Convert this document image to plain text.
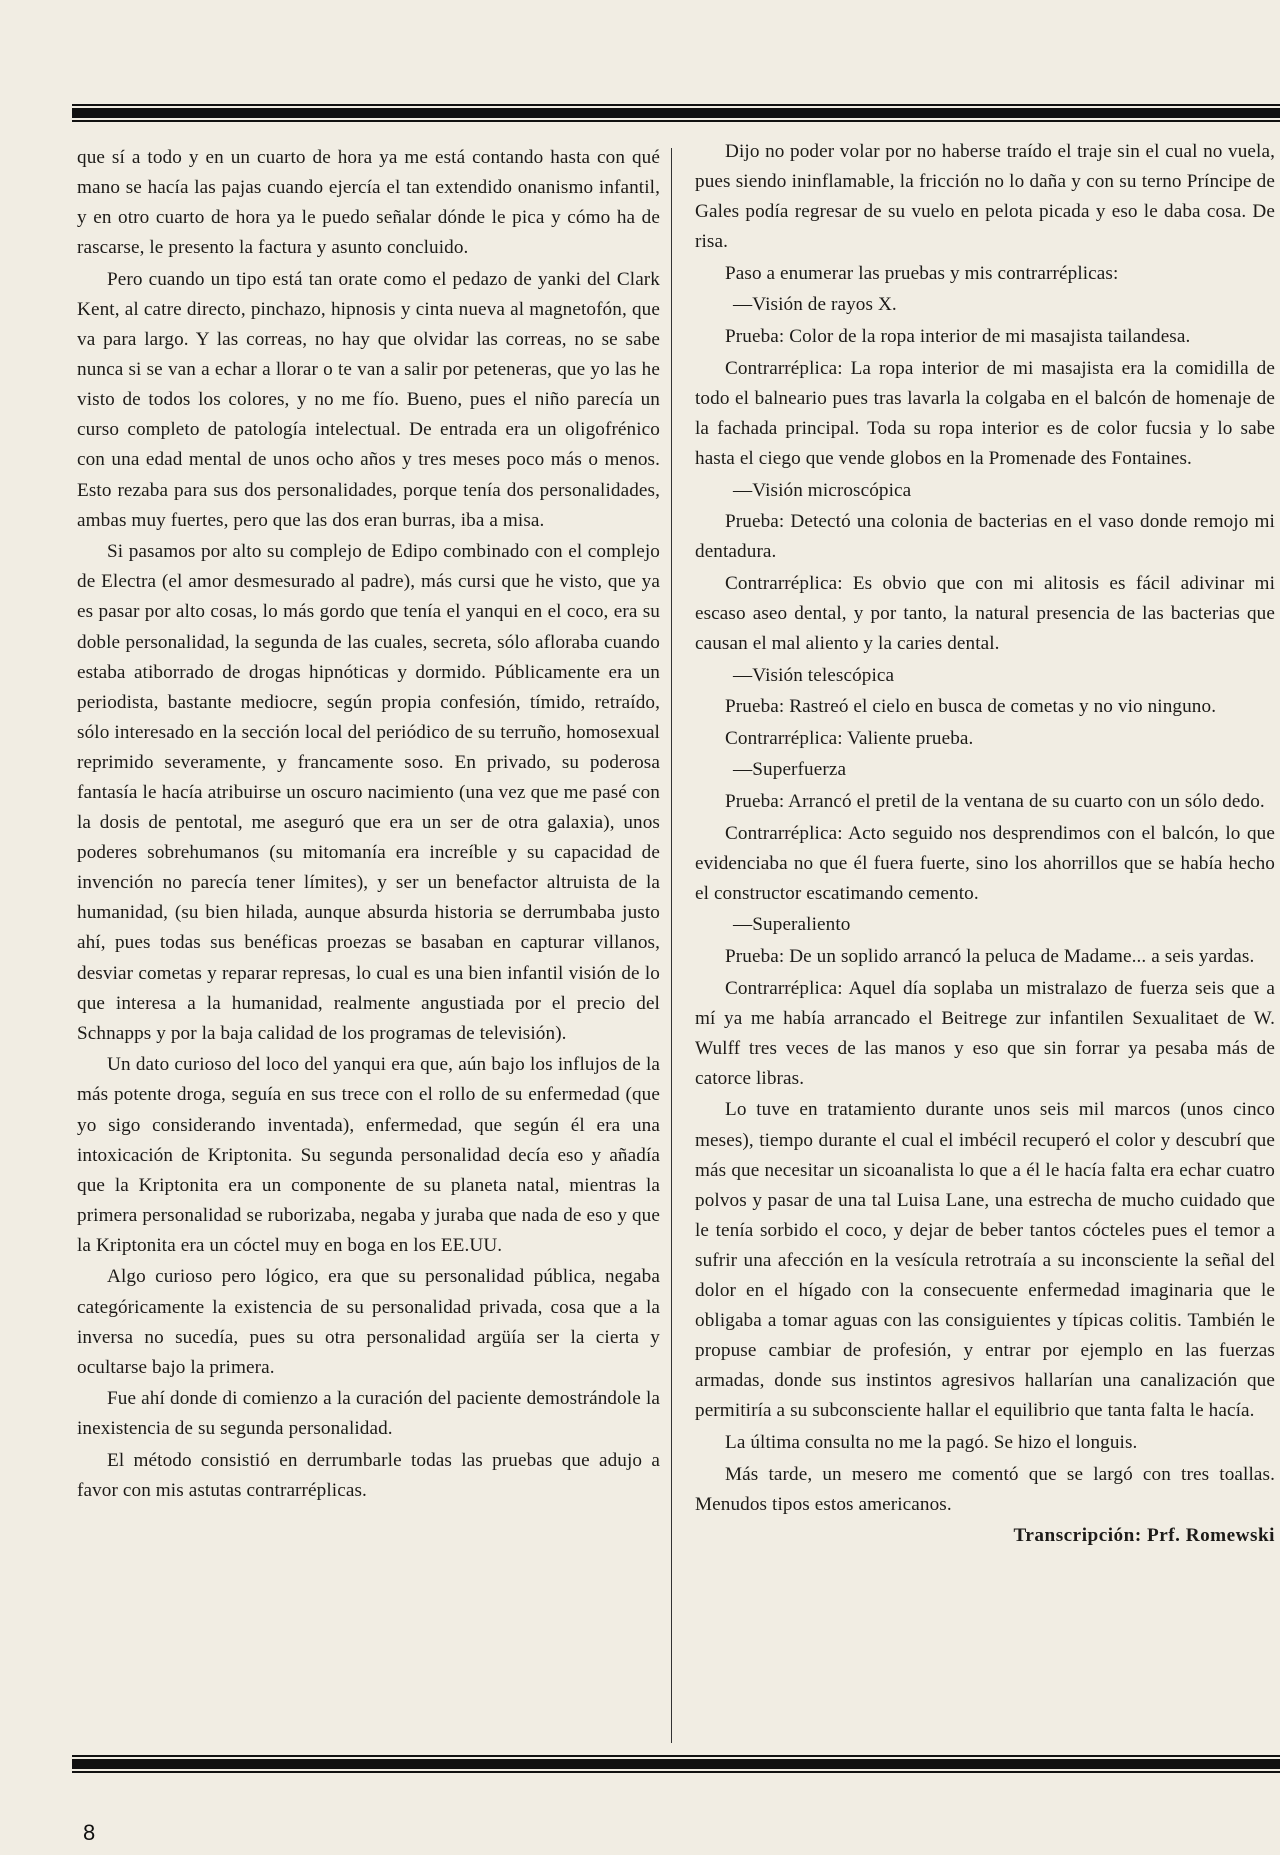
que sí a todo y en un cuarto de hora ya me está contando hasta con qué mano se hacía las pajas cuando ejercía el tan extendido onanismo infantil, y en otro cuarto de hora ya le puedo señalar dónde le pica y cómo ha de rascarse, le presento la factura y asunto concluido.

Pero cuando un tipo está tan orate como el pedazo de yanki del Clark Kent, al catre directo, pinchazo, hipnosis y cinta nueva al magnetofón, que va para largo. Y las correas, no hay que olvidar las correas, no se sabe nunca si se van a echar a llorar o te van a salir por peteneras, que yo las he visto de todos los colores, y no me fío. Bueno, pues el niño parecía un curso completo de patología intelectual. De entrada era un oligofrénico con una edad mental de unos ocho años y tres meses poco más o menos. Esto rezaba para sus dos personalidades, porque tenía dos personalidades, ambas muy fuertes, pero que las dos eran burras, iba a misa.

Si pasamos por alto su complejo de Edipo combinado con el complejo de Electra (el amor desmesurado al padre), más cursi que he visto, que ya es pasar por alto cosas, lo más gordo que tenía el yanqui en el coco, era su doble personalidad, la segunda de las cuales, secreta, sólo afloraba cuando estaba atiborrado de drogas hipnóticas y dormido. Públicamente era un periodista, bastante mediocre, según propia confesión, tímido, retraído, sólo interesado en la sección local del periódico de su terruño, homosexual reprimido severamente, y francamente soso. En privado, su poderosa fantasía le hacía atribuirse un oscuro nacimiento (una vez que me pasé con la dosis de pentotal, me aseguró que era un ser de otra galaxia), unos poderes sobrehumanos (su mitomanía era increíble y su capacidad de invención no parecía tener límites), y ser un benefactor altruista de la humanidad, (su bien hilada, aunque absurda historia se derrumbaba justo ahí, pues todas sus benéficas proezas se basaban en capturar villanos, desviar cometas y reparar represas, lo cual es una bien infantil visión de lo que interesa a la humanidad, realmente angustiada por el precio del Schnapps y por la baja calidad de los programas de televisión).

Un dato curioso del loco del yanqui era que, aún bajo los influjos de la más potente droga, seguía en sus trece con el rollo de su enfermedad (que yo sigo considerando inventada), enfermedad, que según él era una intoxicación de Kriptonita. Su segunda personalidad decía eso y añadía que la Kriptonita era un componente de su planeta natal, mientras la primera personalidad se ruborizaba, negaba y juraba que nada de eso y que la Kriptonita era un cóctel muy en boga en los EE.UU.

Algo curioso pero lógico, era que su personalidad pública, negaba categóricamente la existencia de su personalidad privada, cosa que a la inversa no sucedía, pues su otra personalidad argüía ser la cierta y ocultarse bajo la primera.

Fue ahí donde di comienzo a la curación del paciente demostrándole la inexistencia de su segunda personalidad.

El método consistió en derrumbarle todas las pruebas que adujo a favor con mis astutas contrarréplicas.

Dijo no poder volar por no haberse traído el traje sin el cual no vuela, pues siendo ininflamable, la fricción no lo daña y con su terno Príncipe de Gales podía regresar de su vuelo en pelota picada y eso le daba cosa. De risa.

Paso a enumerar las pruebas y mis contrarréplicas:

—Visión de rayos X.

Prueba: Color de la ropa interior de mi masajista tailandesa.

Contrarréplica: La ropa interior de mi masajista era la comidilla de todo el balneario pues tras lavarla la colgaba en el balcón de homenaje de la fachada principal. Toda su ropa interior es de color fucsia y lo sabe hasta el ciego que vende globos en la Promenade des Fontaines.

—Visión microscópica

Prueba: Detectó una colonia de bacterias en el vaso donde remojo mi dentadura.

Contrarréplica: Es obvio que con mi alitosis es fácil adivinar mi escaso aseo dental, y por tanto, la natural presencia de las bacterias que causan el mal aliento y la caries dental.

—Visión telescópica

Prueba: Rastreó el cielo en busca de cometas y no vio ninguno.

Contrarréplica: Valiente prueba.

—Superfuerza

Prueba: Arrancó el pretil de la ventana de su cuarto con un sólo dedo.

Contrarréplica: Acto seguido nos desprendimos con el balcón, lo que evidenciaba no que él fuera fuerte, sino los ahorrillos que se había hecho el constructor escatimando cemento.

—Superaliento

Prueba: De un soplido arrancó la peluca de Madame... a seis yardas.

Contrarréplica: Aquel día soplaba un mistralazo de fuerza seis que a mí ya me había arrancado el Beitrege zur infantilen Sexualitaet de W. Wulff tres veces de las manos y eso que sin forrar ya pesaba más de catorce libras.

Lo tuve en tratamiento durante unos seis mil marcos (unos cinco meses), tiempo durante el cual el imbécil recuperó el color y descubrí que más que necesitar un sicoanalista lo que a él le hacía falta era echar cuatro polvos y pasar de una tal Luisa Lane, una estrecha de mucho cuidado que le tenía sorbido el coco, y dejar de beber tantos cócteles pues el temor a sufrir una afección en la vesícula retrotraía a su inconsciente la señal del dolor en el hígado con la consecuente enfermedad imaginaria que le obligaba a tomar aguas con las consiguientes y típicas colitis. También le propuse cambiar de profesión, y entrar por ejemplo en las fuerzas armadas, donde sus instintos agresivos hallarían una canalización que permitiría a su subconsciente hallar el equilibrio que tanta falta le hacía.

La última consulta no me la pagó. Se hizo el longuis.

Más tarde, un mesero me comentó que se largó con tres toallas. Menudos tipos estos americanos.

Transcripción: Prf. Romewski

8
